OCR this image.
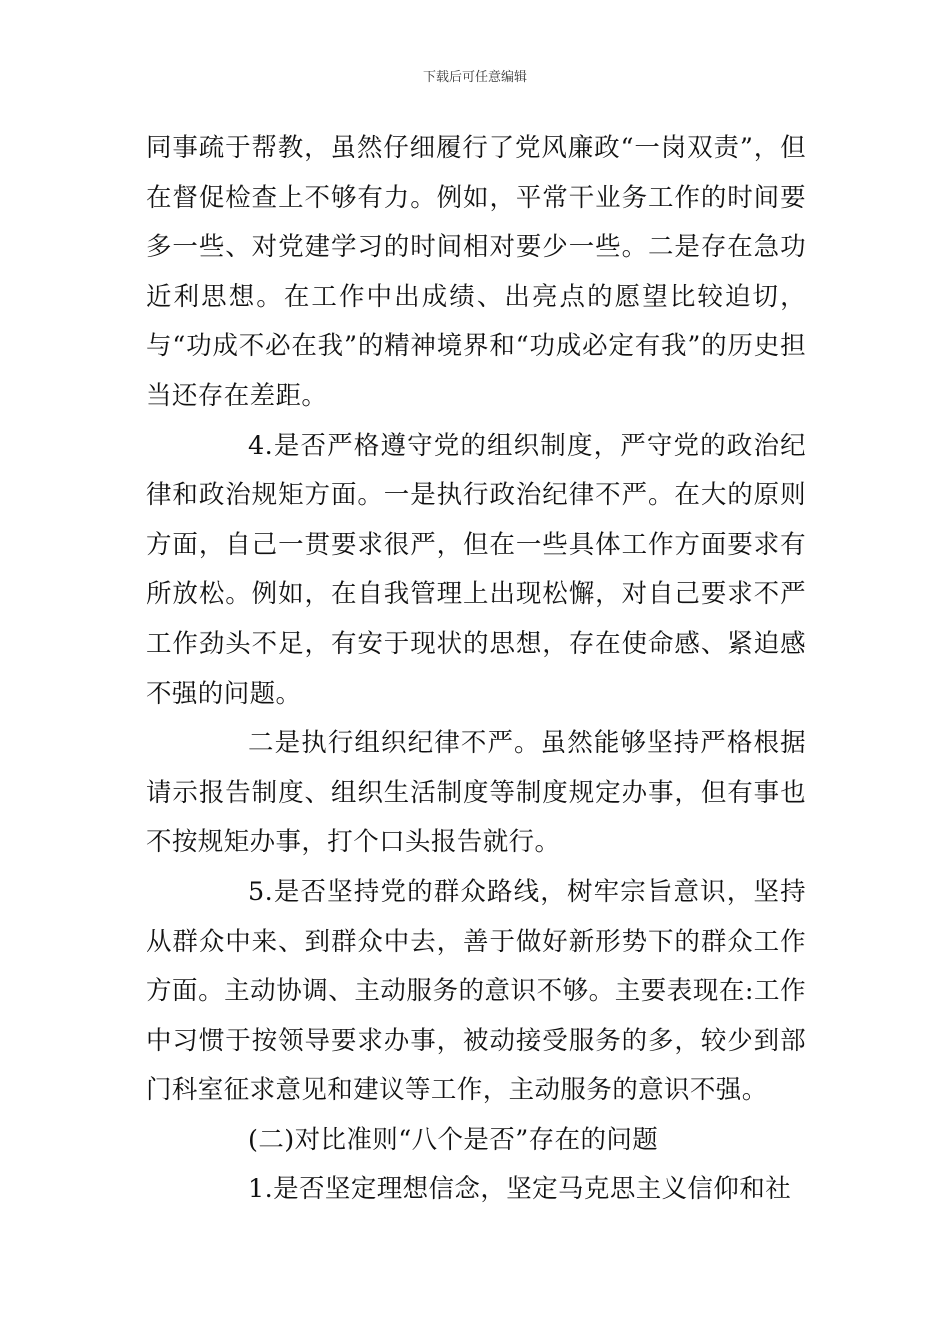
下载后可任意编辑

同事疏于帮教，虽然仔细履行了党风廉政“一岗双责”，但在督促检查上不够有力。例如，平常干业务工作的时间要多一些、对党建学习的时间相对要少一些。二是存在急功近利思想。在工作中出成绩、出亮点的愿望比较迫切，与“功成不必在我”的精神境界和“功成必定有我”的历史担当还存在差距。

4.是否严格遵守党的组织制度，严守党的政治纪律和政治规矩方面。一是执行政治纪律不严。在大的原则方面，自己一贯要求很严，但在一些具体工作方面要求有所放松。例如，在自我管理上出现松懈，对自己要求不严工作劲头不足，有安于现状的思想，存在使命感、紧迫感不强的问题。

二是执行组织纪律不严。虽然能够坚持严格根据请示报告制度、组织生活制度等制度规定办事，但有事也不按规矩办事，打个口头报告就行。

5.是否坚持党的群众路线，树牢宗旨意识，坚持从群众中来、到群众中去，善于做好新形势下的群众工作方面。主动协调、主动服务的意识不够。主要表现在:工作中习惯于按领导要求办事，被动接受服务的多，较少到部门科室征求意见和建议等工作，主动服务的意识不强。

(二)对比准则“八个是否”存在的问题

1.是否坚定理想信念，坚定马克思主义信仰和社
